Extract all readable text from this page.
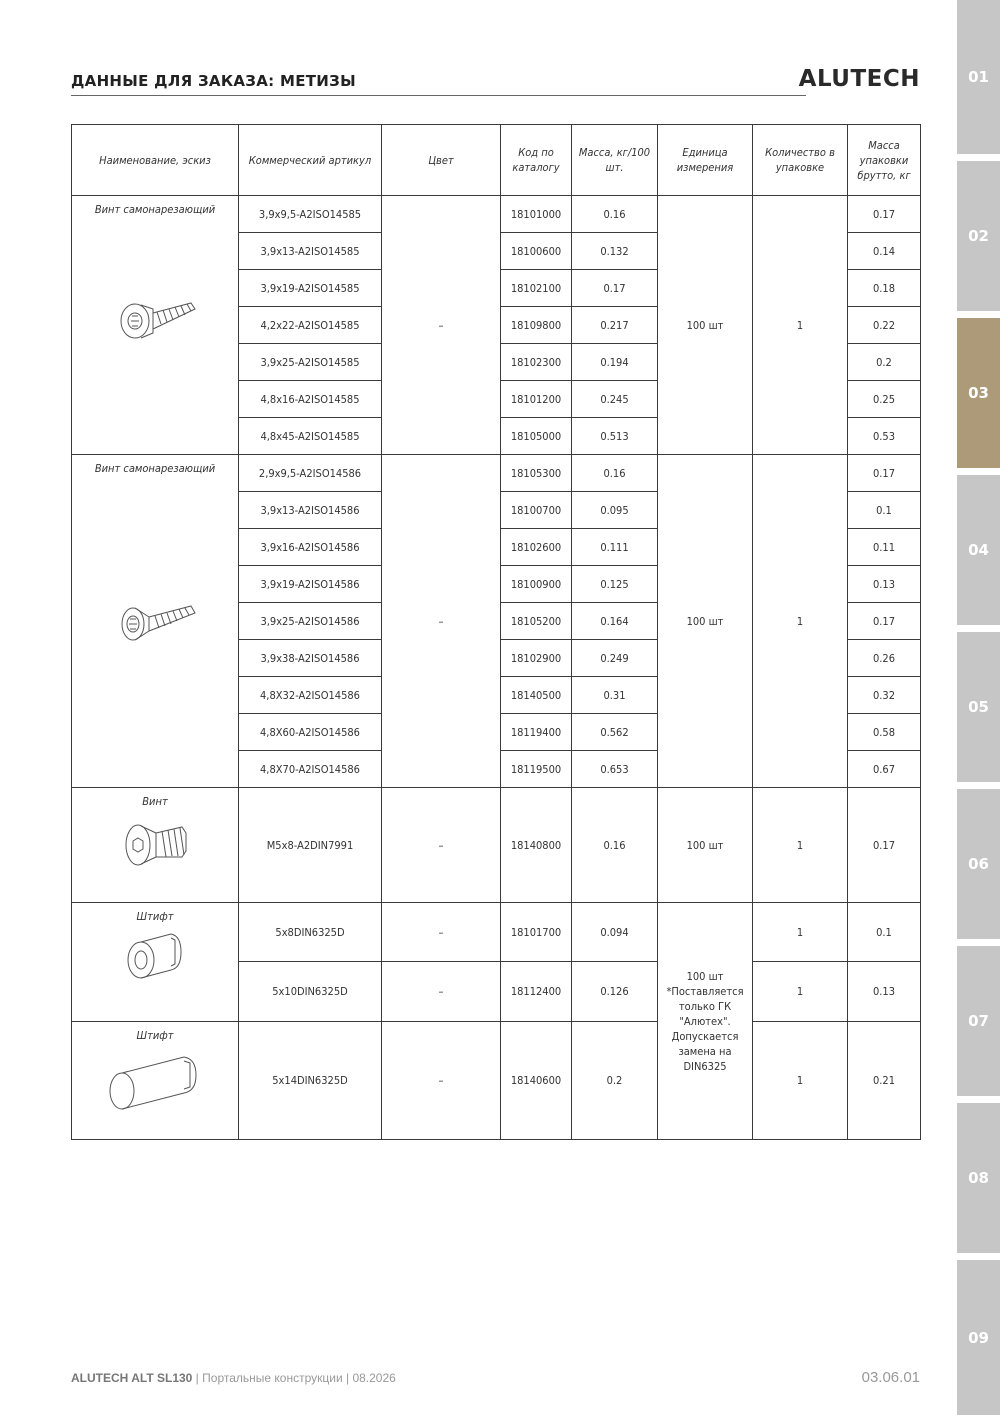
ДАННЫЕ ДЛЯ ЗАКАЗА: МЕТИЗЫ	ALUTECH	01
02
03
04
05
06
07
08
09
Наименование, эскиз	Коммерческий артикул	Цвет	Код по каталогу	Масса, кг/100 шт.	Единица измерения	Количество в упаковке	Масса упаковки брутто, кг

Винт самонарезающий	3,9x9,5-A2ISO14585	–	18101000	0.16	100 шт	1	0.17
	3,9x13-A2ISO14585		18100600	0.132			0.14
	3,9x19-A2ISO14585		18102100	0.17			0.18
	4,2x22-A2ISO14585		18109800	0.217			0.22
	3,9x25-A2ISO14585		18102300	0.194			0.2
	4,8x16-A2ISO14585		18101200	0.245			0.25
	4,8x45-A2ISO14585		18105000	0.513			0.53

Винт самонарезающий	2,9x9,5-A2ISO14586	–	18105300	0.16	100 шт	1	0.17
	3,9x13-A2ISO14586		18100700	0.095			0.1
	3,9x16-A2ISO14586		18102600	0.111			0.11
	3,9x19-A2ISO14586		18100900	0.125			0.13
	3,9x25-A2ISO14586		18105200	0.164			0.17
	3,9x38-A2ISO14586		18102900	0.249			0.26
	4,8X32-A2ISO14586		18140500	0.31			0.32
	4,8X60-A2ISO14586		18119400	0.562			0.58
	4,8X70-A2ISO14586		18119500	0.653			0.67

Винт	M5x8-A2DIN7991	–	18140800	0.16	100 шт	1	0.17

Штифт	5x8DIN6325D	–	18101700	0.094	100 шт *Поставляется только ГК "Алютех". Допускается замена на DIN6325	1	0.1
	5x10DIN6325D	–	18112400	0.126		1	0.13

Штифт	5x14DIN6325D	–	18140600	0.2		1	0.21
ALUTECH ALT SL130 | Портальные конструкции | 08.2026	03.06.01
